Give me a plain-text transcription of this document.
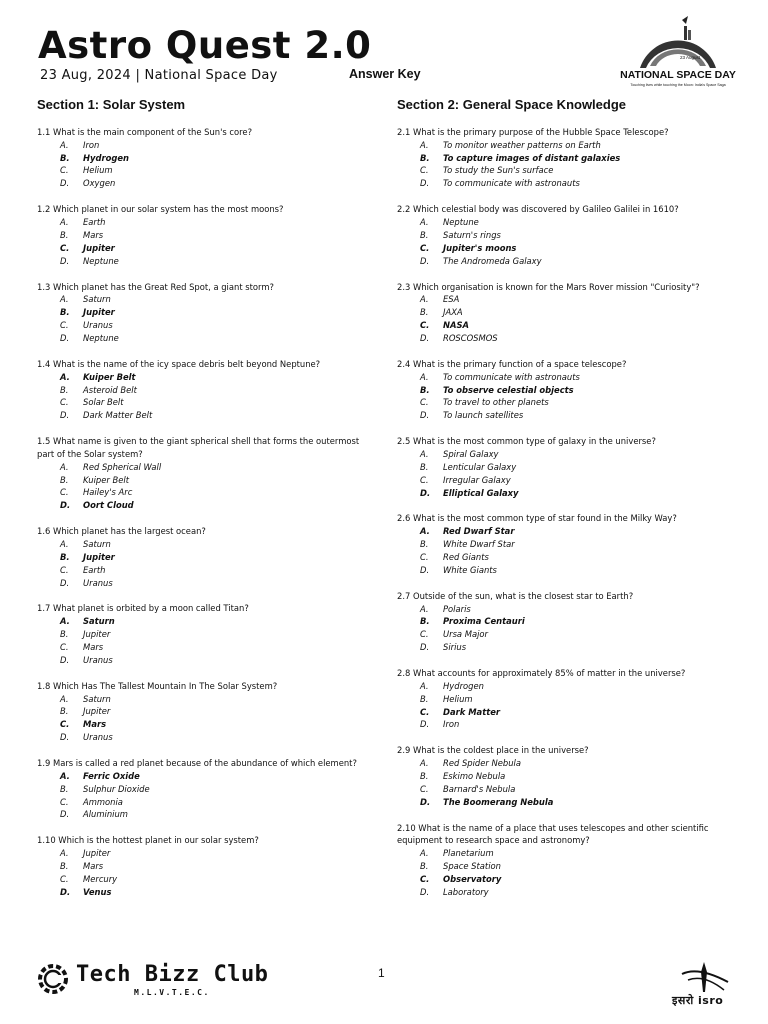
Astro Quest 2.0
23 Aug, 2024 | National Space Day	Answer Key
23 August
NATIONAL SPACE DAY
Touching lives while touching the Moon: India's Space Saga
Section 1: Solar System
1.1 What is the main component of the Sun's core?
A. Iron
B. Hydrogen
C. Helium
D. Oxygen
1.2 Which planet in our solar system has the most moons?
A. Earth
B. Mars
C. Jupiter
D. Neptune
1.3 Which planet has the Great Red Spot, a giant storm?
A. Saturn
B. Jupiter
C. Uranus
D. Neptune
1.4 What is the name of the icy space debris belt beyond Neptune?
A. Kuiper Belt
B. Asteroid Belt
C. Solar Belt
D. Dark Matter Belt
1.5 What name is given to the giant spherical shell that forms the outermost part of the Solar system?
A. Red Spherical Wall
B. Kuiper Belt
C. Hailey's Arc
D. Oort Cloud
1.6 Which planet has the largest ocean?
A. Saturn
B. Jupiter
C. Earth
D. Uranus
1.7 What planet is orbited by a moon called Titan?
A. Saturn
B. Jupiter
C. Mars
D. Uranus
1.8 Which Has The Tallest Mountain In The Solar System?
A. Saturn
B. Jupiter
C. Mars
D. Uranus
1.9 Mars is called a red planet because of the abundance of which element?
A. Ferric Oxide
B. Sulphur Dioxide
C. Ammonia
D. Aluminium
1.10 Which is the hottest planet in our solar system?
A. Jupiter
B. Mars
C. Mercury
D. Venus
Section 2: General Space Knowledge
2.1 What is the primary purpose of the Hubble Space Telescope?
A. To monitor weather patterns on Earth
B. To capture images of distant galaxies
C. To study the Sun's surface
D. To communicate with astronauts
2.2 Which celestial body was discovered by Galileo Galilei in 1610?
A. Neptune
B. Saturn's rings
C. Jupiter's moons
D. The Andromeda Galaxy
2.3 Which organisation is known for the Mars Rover mission "Curiosity"?
A. ESA
B. JAXA
C. NASA
D. ROSCOSMOS
2.4 What is the primary function of a space telescope?
A. To communicate with astronauts
B. To observe celestial objects
C. To travel to other planets
D. To launch satellites
2.5 What is the most common type of galaxy in the universe?
A. Spiral Galaxy
B. Lenticular Galaxy
C. Irregular Galaxy
D. Elliptical Galaxy
2.6 What is the most common type of star found in the Milky Way?
A. Red Dwarf Star
B. White Dwarf Star
C. Red Giants
D. White Giants
2.7 Outside of the sun, what is the closest star to Earth?
A. Polaris
B. Proxima Centauri
C. Ursa Major
D. Sirius
2.8 What accounts for approximately 85% of matter in the universe?
A. Hydrogen
B. Helium
C. Dark Matter
D. Iron
2.9 What is the coldest place in the universe?
A. Red Spider Nebula
B. Eskimo Nebula
C. Barnard's Nebula
D. The Boomerang Nebula
2.10 What is the name of a place that uses telescopes and other scientific equipment to research space and astronomy?
A. Planetarium
B. Space Station
C. Observatory
D. Laboratory
Tech Bizz Club
M.L.V.T.E.C.
1
इसरो isro
